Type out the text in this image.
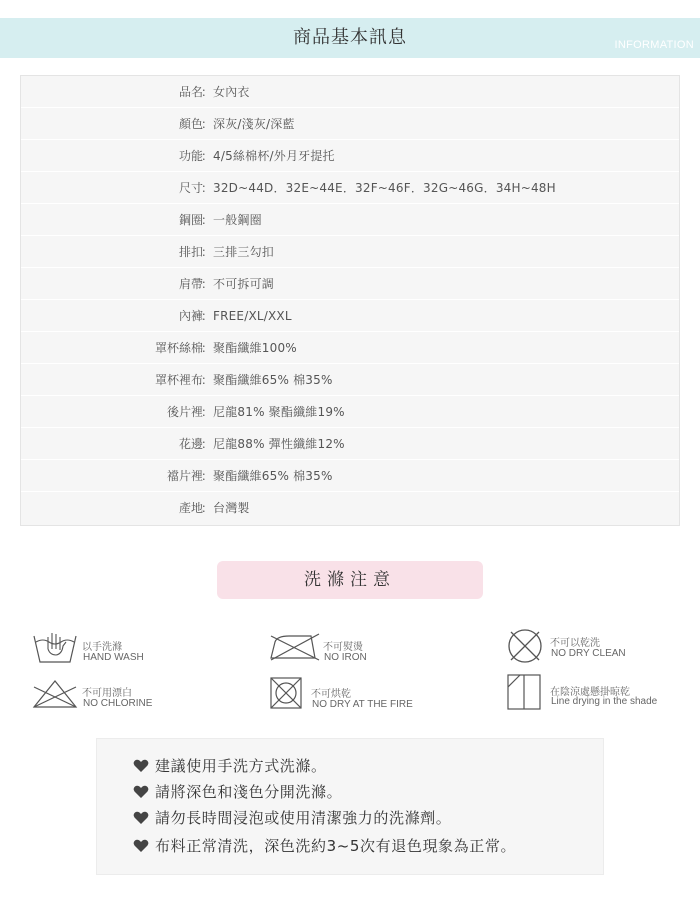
商品基本訊息	INFORMATION
品名
： 女內衣
顏色
： 深灰/淺灰/深藍
功能
： 4/5絲棉杯/外月牙提托
尺寸
： 32D~44D．32E~44E．32F~46F．32G~46G．34H~48H
鋼圈
： 一般鋼圈
排扣
： 三排三勾扣
肩帶
： 不可拆可調
內褲
： FREE/XL/XXL
罩杯絲棉
： 聚酯纖維100%
罩杯裡布
： 聚酯纖維65% 棉35%
後片裡
： 尼龍81% 聚酯纖維19%
花邊
： 尼龍88% 彈性纖維12%
襠片裡
： 聚酯纖維65% 棉35%
產地
： 台灣製
洗滌注意
以手洗滌
HAND WASH
不可熨燙
NO IRON
不可以乾洗
NO DRY CLEAN
不可用漂白
NO CHLORINE
不可烘乾
NO DRY AT THE FIRE
在陰涼處懸掛晾乾
Line drying in the shade
建議使用手洗方式洗滌。
請將深色和淺色分開洗滌。
請勿長時間浸泡或使用清潔強力的洗滌劑。
布料正常清洗，深色洗約3~5次有退色現象為正常。
